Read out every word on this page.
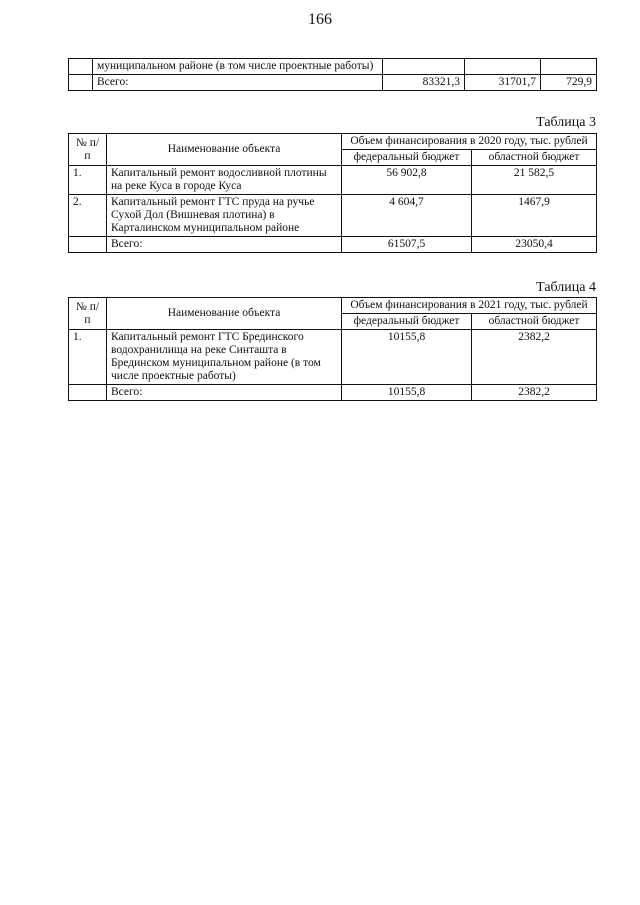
166
	муниципальном районе (в том числе проектные работы)			
	Всего:	83321,3	31701,7	729,9
Таблица 3
№ п/п	Наименование объекта	Объем финансирования в 2020 году, тыс. рублей	
		федеральный бюджет	областной бюджет
1.	Капитальный ремонт водосливной плотины на реке Куса в городе Куса	56 902,8	21 582,5
2.	Капитальный ремонт ГТС пруда на ручье Сухой Дол (Вишневая плотина) в Карталинском муниципальном районе	4 604,7	1467,9
	Всего:	61507,5	23050,4
Таблица 4
№ п/п	Наименование объекта	Объем финансирования в 2021 году, тыс. рублей	
		федеральный бюджет	областной бюджет
1.	Капитальный ремонт ГТС Брединского водохранилища на реке Синташта в Брединском муниципальном районе (в том числе проектные работы)	10155,8	2382,2
	Всего:	10155,8	2382,2
